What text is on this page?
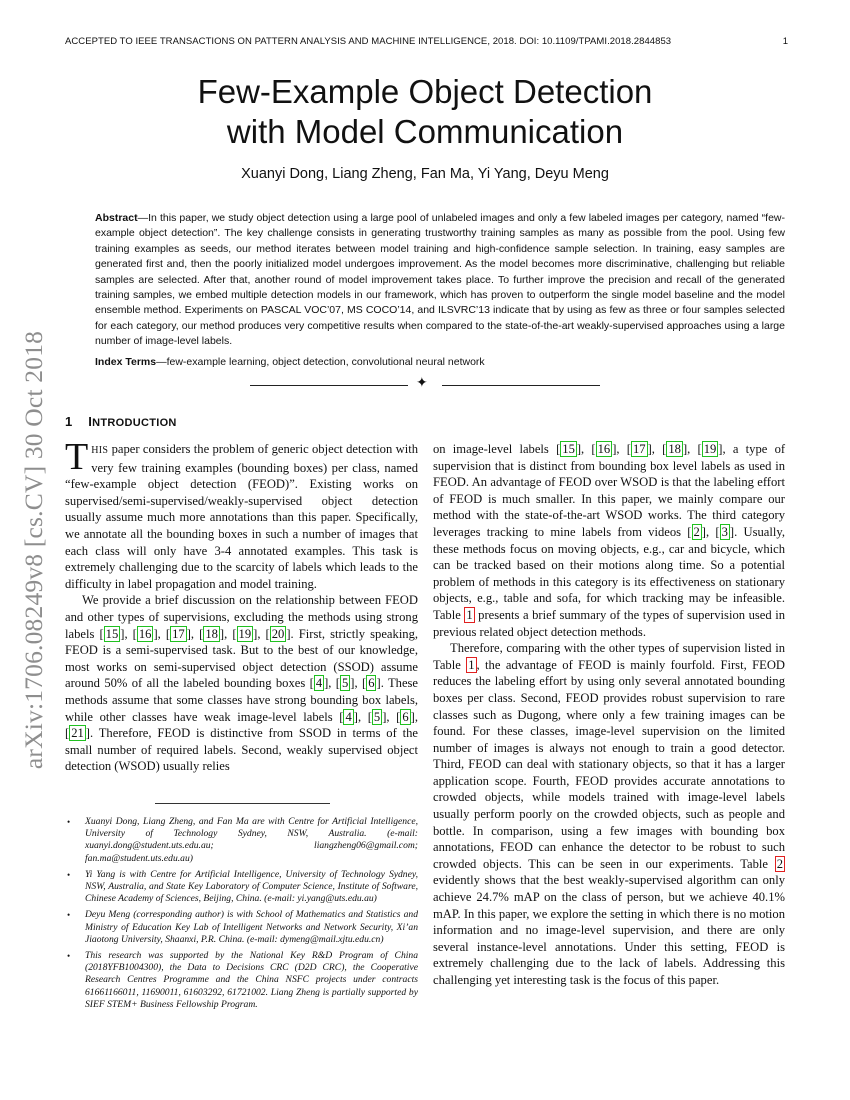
ACCEPTED TO IEEE TRANSACTIONS ON PATTERN ANALYSIS AND MACHINE INTELLIGENCE, 2018. DOI: 10.1109/TPAMI.2018.2844853	1
arXiv:1706.08249v8 [cs.CV] 30 Oct 2018
Few-Example Object Detection
with Model Communication
Xuanyi Dong, Liang Zheng, Fan Ma, Yi Yang, Deyu Meng
Abstract—In this paper, we study object detection using a large pool of unlabeled images and only a few labeled images per category, named “few-example object detection”. The key challenge consists in generating trustworthy training samples as many as possible from the pool. Using few training examples as seeds, our method iterates between model training and high-confidence sample selection. In training, easy samples are generated first and, then the poorly initialized model undergoes improvement. As the model becomes more discriminative, challenging but reliable samples are selected. After that, another round of model improvement takes place. To further improve the precision and recall of the generated training samples, we embed multiple detection models in our framework, which has proven to outperform the single model baseline and the model ensemble method. Experiments on PASCAL VOC’07, MS COCO’14, and ILSVRC’13 indicate that by using as few as three or four samples selected for each category, our method produces very competitive results when compared to the state-of-the-art weakly-supervised approaches using a large number of image-level labels.
Index Terms—few-example learning, object detection, convolutional neural network
✦
1 INTRODUCTION

THIS paper considers the problem of generic object detection with very few training examples (bounding boxes) per class, named “few-example object detection (FEOD)”. Existing works on supervised/semi-supervised/weakly-supervised object detection usually assume much more annotations than this paper. Specifically, we annotate all the bounding boxes in such a number of images that each class will only have 3-4 annotated examples. This task is extremely challenging due to the scarcity of labels which leads to the difficulty in label propagation and model training.

We provide a brief discussion on the relationship between FEOD and other types of supervisions, excluding the methods using strong labels [ 15 ], [ 16 ], [ 17 ], [ 18 ], [ 19 ], [ 20 ]. First, strictly speaking, FEOD is a semi-supervised task. But to the best of our knowledge, most works on semi-supervised object detection (SSOD) assume around 50% of all the labeled bounding boxes [ 4 ], [ 5 ], [ 6 ]. These methods assume that some classes have strong bounding box labels, while other classes have weak image-level labels [ 4 ], [ 5 ], [ 6 ], [ 21 ]. Therefore, FEOD is distinctive from SSOD in terms of the small number of required labels. Second, weakly supervised object detection (WSOD) usually relies

• Xuanyi Dong, Liang Zheng, and Fan Ma are with Centre for Artificial Intelligence, University of Technology Sydney, NSW, Australia. (e-mail: xuanyi.dong@student.uts.edu.au; liangzheng06@gmail.com; fan.ma@student.uts.edu.au)
• Yi Yang is with Centre for Artificial Intelligence, University of Technology Sydney, NSW, Australia, and State Key Laboratory of Computer Science, Institute of Software, Chinese Academy of Sciences, Beijing, China. (e-mail: yi.yang@uts.edu.au)
• Deyu Meng (corresponding author) is with School of Mathematics and Statistics and Ministry of Education Key Lab of Intelligent Networks and Network Security, Xi’an Jiaotong University, Shaanxi, P.R. China. (e-mail: dymeng@mail.xjtu.edu.cn)
• This research was supported by the National Key R&D Program of China (2018YFB1004300), the Data to Decisions CRC (D2D CRC), the Cooperative Research Centres Programme and the China NSFC projects under contracts 61661166011, 11690011, 61603292, 61721002. Liang Zheng is partially supported by SIEF STEM+ Business Fellowship Program.

on image-level labels [ 15 ], [ 16 ], [ 17 ], [ 18 ], [ 19 ], a type of supervision that is distinct from bounding box level labels as used in FEOD. An advantage of FEOD over WSOD is that the labeling effort of FEOD is much smaller. In this paper, we mainly compare our method with the state-of-the-art WSOD works. The third category leverages tracking to mine labels from videos [ 2 ], [ 3 ]. Usually, these methods focus on moving objects, e.g., car and bicycle, which can be tracked based on their motions along time. So a potential problem of methods in this category is its effectiveness on stationary objects, e.g., table and sofa, for which tracking may be infeasible. Table 1 presents a brief summary of the types of supervision used in previous related object detection methods.

Therefore, comparing with the other types of supervision listed in Table 1 , the advantage of FEOD is mainly fourfold. First, FEOD reduces the labeling effort by using only several annotated bounding boxes per class. Second, FEOD provides robust supervision to rare classes such as Dugong, where only a few training images can be found. For these classes, image-level supervision on the limited number of images is always not enough to train a good detector. Third, FEOD can deal with stationary objects, so that it has a larger application scope. Fourth, FEOD provides accurate annotations to crowded objects, while models trained with image-level labels usually perform poorly on the crowded objects, such as people and bottle. In comparison, using a few images with bounding box annotations, FEOD can enhance the detector to be robust to such crowded objects. This can be seen in our experiments. Table 2 evidently shows that the best weakly-supervised algorithm can only achieve 24.7% mAP on the class of person, but we achieve 40.1% mAP. In this paper, we explore the setting in which there is no motion information and no image-level supervision, and there are only several instance-level annotations. Under this setting, FEOD is extremely challenging due to the lack of labels. Addressing this challenging yet interesting task is the focus of this paper.
